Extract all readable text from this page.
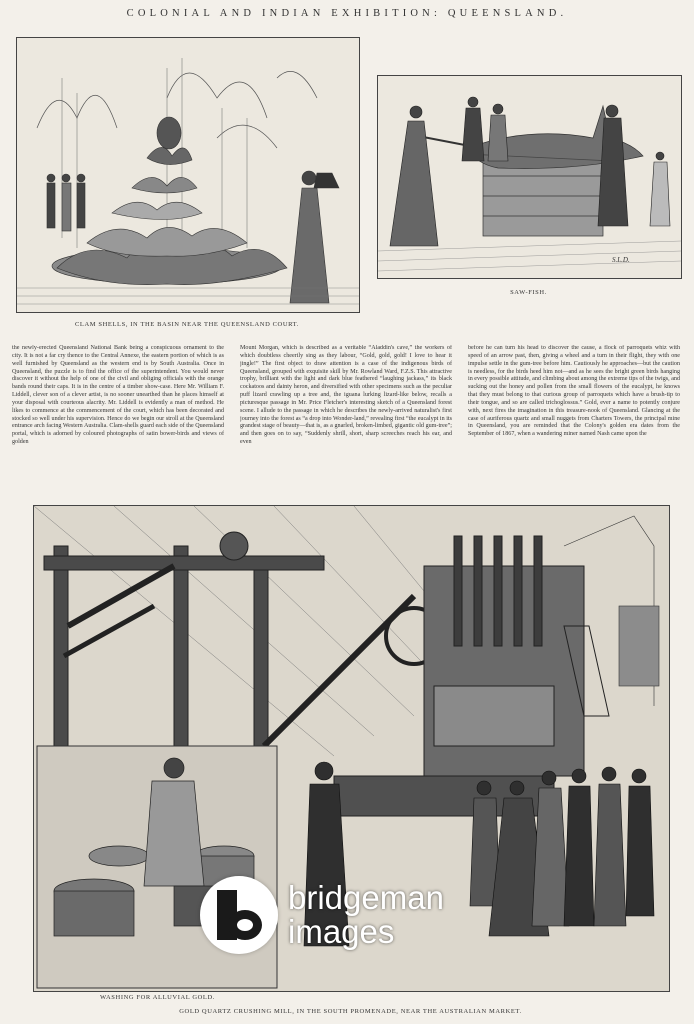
COLONIAL AND INDIAN EXHIBITION: QUEENSLAND.
CLAM SHELLS, IN THE BASIN NEAR THE QUEENSLAND COURT.
S.L.D.
SAW-FISH.
the newly-erected Queensland National Bank being a conspicuous ornament to the city. It is not a far cry thence to the Central Annexe, the eastern portion of which is as well furnished by Queensland as the western end is by South Australia. Once in Queensland, the puzzle is to find the office of the superintendent. You would never discover it without the help of one of the civil and obliging officials with the orange bands round their caps. It is in the centre of a timber show-case. Here Mr. William F. Liddell, clever son of a clever artist, is no sooner unearthed than he places himself at your disposal with courteous alacrity. Mr. Liddell is evidently a man of method. He likes to commence at the commencement of the court, which has been decorated and stocked so well under his supervision. Hence do we begin our stroll at the Queensland entrance arch facing Western Australia. Clam-shells guard each side of the Queensland portal, which is adorned by coloured photographs of satin bower-birds and views of golden
Mount Morgan, which is described as a veritable “Aladdin's cave,” the workers of which doubtless cheerily sing as they labour, “Gold, gold, gold! I love to hear it jingle!” The first object to draw attention is a case of the indigenous birds of Queensland, grouped with exquisite skill by Mr. Rowland Ward, F.Z.S. This attractive trophy, brilliant with the light and dark blue feathered “laughing jackass,” its black cockatoos and dainty heron, and diversified with other specimens such as the peculiar puff lizard crawling up a tree and, the iguana lurking lizard-like below, recalls a picturesque passage in Mr. Price Fletcher's interesting sketch of a Queensland forest scene. I allude to the passage in which he describes the newly-arrived naturalist's first journey into the forest as “a drop into Wonder-land,” revealing first “the eucalypt in its grandest stage of beauty—that is, as a gnarled, broken-limbed, gigantic old gum-tree”; and then goes on to say, “Suddenly shrill, short, sharp screeches reach his ear, and even
before he can turn his head to discover the cause, a flock of parroquets whiz with speed of an arrow past, then, giving a wheel and a turn in their flight, they with one impulse settle in the gum-tree before him. Cautiously he approaches—but the caution is needless, for the birds heed him not—and as he sees the bright green birds hanging in every possible attitude, and climbing about among the extreme tips of the twigs, and sucking out the honey and pollen from the small flowers of the eucalypt, he knows that they must belong to that curious group of parroquets which have a brush-tip to their tongue, and so are called trichoglossus.” Gold, ever a name to potently conjure with, next fires the imagination in this treasure-nook of Queensland. Glancing at the case of auriferous quartz and small nuggets from Charters Towers, the principal mine in Queensland, you are reminded that the Colony's golden era dates from the September of 1867, when a wandering miner named Nash came upon the
WASHING FOR ALLUVIAL GOLD.
GOLD QUARTZ CRUSHING MILL, IN THE SOUTH PROMENADE, NEAR THE AUSTRALIAN MARKET.
bridgeman
images
